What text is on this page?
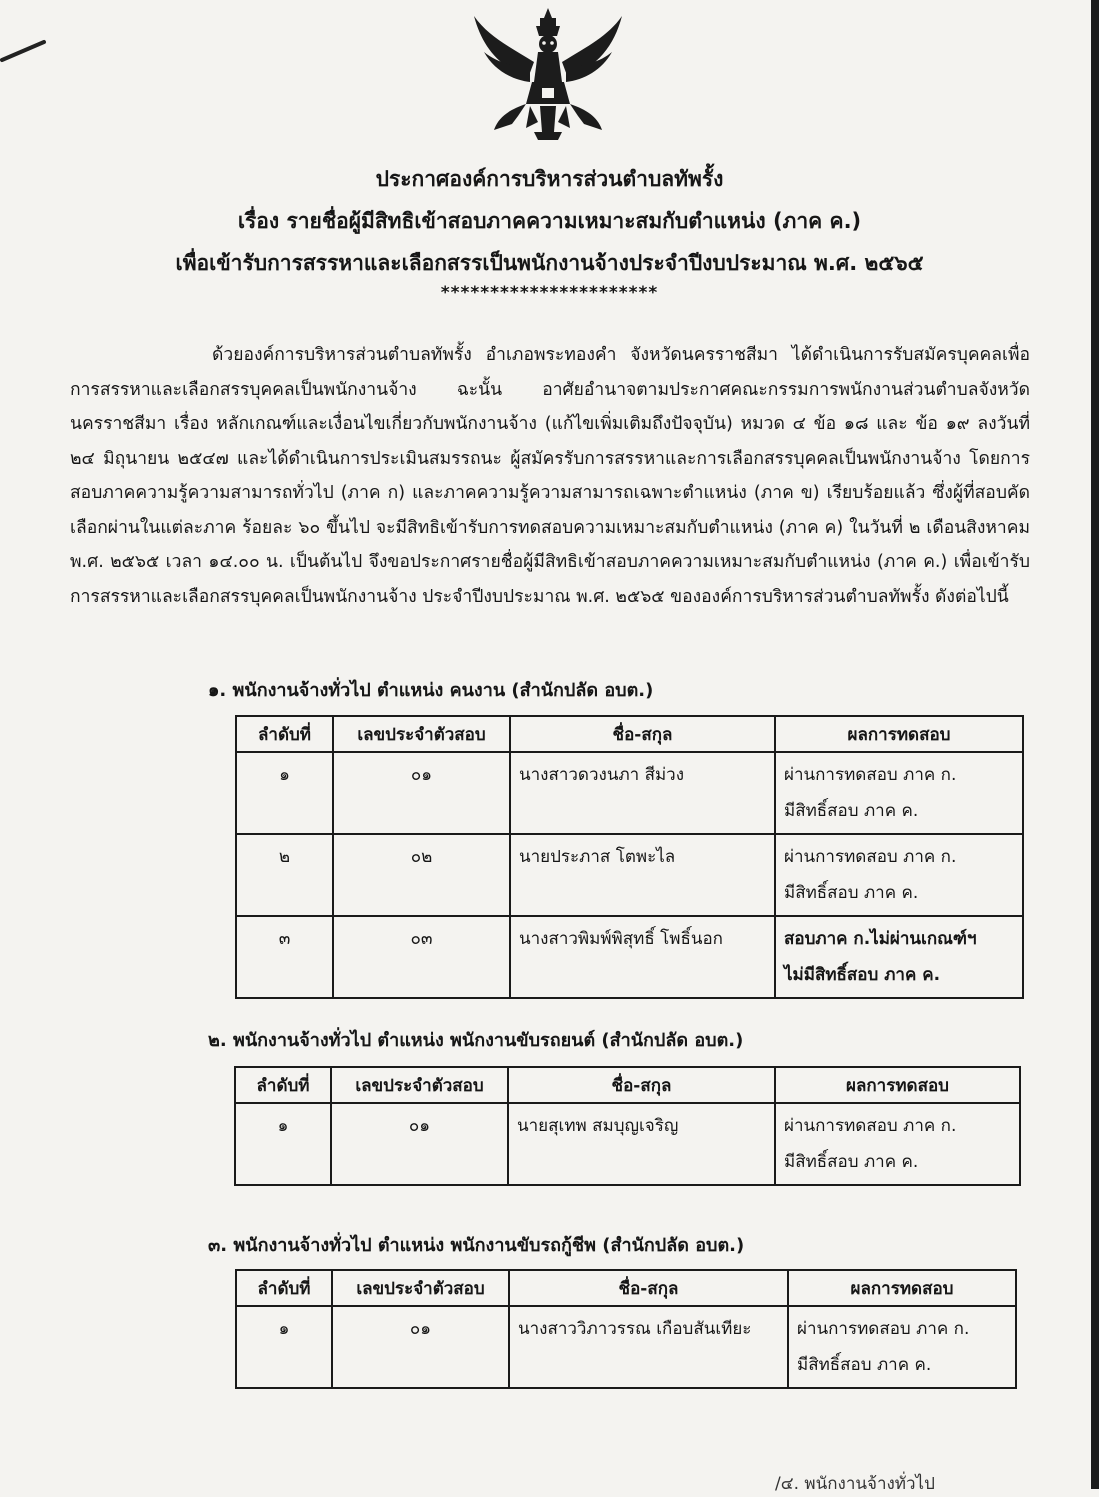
ประกาศองค์การบริหารส่วนตำบลทัพรั้ง
เรื่อง รายชื่อผู้มีสิทธิเข้าสอบภาคความเหมาะสมกับตำแหน่ง (ภาค ค.)
เพื่อเข้ารับการสรรหาและเลือกสรรเป็นพนักงานจ้างประจำปีงบประมาณ พ.ศ. ๒๕๖๕
**********************
ด้วยองค์การบริหารส่วนตำบลทัพรั้ง อำเภอพระทองคำ จังหวัดนครราชสีมา ได้ดำเนินการรับสมัครบุคคลเพื่อการสรรหาและเลือกสรรบุคคลเป็นพนักงานจ้าง ฉะนั้น อาศัยอำนาจตามประกาศคณะกรรมการพนักงานส่วนตำบลจังหวัดนครราชสีมา เรื่อง หลักเกณฑ์และเงื่อนไขเกี่ยวกับพนักงานจ้าง (แก้ไขเพิ่มเติมถึงปัจจุบัน) หมวด ๔ ข้อ ๑๘ และ ข้อ ๑๙ ลงวันที่ ๒๔ มิถุนายน ๒๕๔๗ และได้ดำเนินการประเมินสมรรถนะ ผู้สมัครรับการสรรหาและการเลือกสรรบุคคลเป็นพนักงานจ้าง โดยการสอบภาคความรู้ความสามารถทั่วไป (ภาค ก) และภาคความรู้ความสามารถเฉพาะตำแหน่ง (ภาค ข) เรียบร้อยแล้ว ซึ่งผู้ที่สอบคัดเลือกผ่านในแต่ละภาค ร้อยละ ๖๐ ขึ้นไป จะมีสิทธิเข้ารับการทดสอบความเหมาะสมกับตำแหน่ง (ภาค ค) ในวันที่ ๒ เดือนสิงหาคม พ.ศ. ๒๕๖๕ เวลา ๑๔.๐๐ น. เป็นต้นไป จึงขอประกาศรายชื่อผู้มีสิทธิเข้าสอบภาคความเหมาะสมกับตำแหน่ง (ภาค ค.) เพื่อเข้ารับการสรรหาและเลือกสรรบุคคลเป็นพนักงานจ้าง ประจำปีงบประมาณ พ.ศ. ๒๕๖๕ ขององค์การบริหารส่วนตำบลทัพรั้ง ดังต่อไปนี้
๑. พนักงานจ้างทั่วไป ตำแหน่ง คนงาน (สำนักปลัด อบต.)
ลำดับที่	เลขประจำตัวสอบ	ชื่อ-สกุล	ผลการทดสอบ
๑	๐๑	นางสาวดวงนภา สีม่วง	ผ่านการทดสอบ ภาค ก.
มีสิทธิ์สอบ ภาค ค.

๒	๐๒	นายประภาส โตพะไล	ผ่านการทดสอบ ภาค ก.
มีสิทธิ์สอบ ภาค ค.

๓	๐๓	นางสาวพิมพ์พิสุทธิ์ โพธิ์นอก	สอบภาค ก.ไม่ผ่านเกณฑ์ฯ
ไม่มีสิทธิ์สอบ ภาค ค.
๒. พนักงานจ้างทั่วไป ตำแหน่ง พนักงานขับรถยนต์ (สำนักปลัด อบต.)
ลำดับที่	เลขประจำตัวสอบ	ชื่อ-สกุล	ผลการทดสอบ
๑	๐๑	นายสุเทพ สมบุญเจริญ	ผ่านการทดสอบ ภาค ก.
มีสิทธิ์สอบ ภาค ค.
๓. พนักงานจ้างทั่วไป ตำแหน่ง พนักงานขับรถกู้ชีพ (สำนักปลัด อบต.)
ลำดับที่	เลขประจำตัวสอบ	ชื่อ-สกุล	ผลการทดสอบ
๑	๐๑	นางสาววิภาวรรณ เกือบสันเทียะ	ผ่านการทดสอบ ภาค ก.
มีสิทธิ์สอบ ภาค ค.
/๔. พนักงานจ้างทั่วไป
